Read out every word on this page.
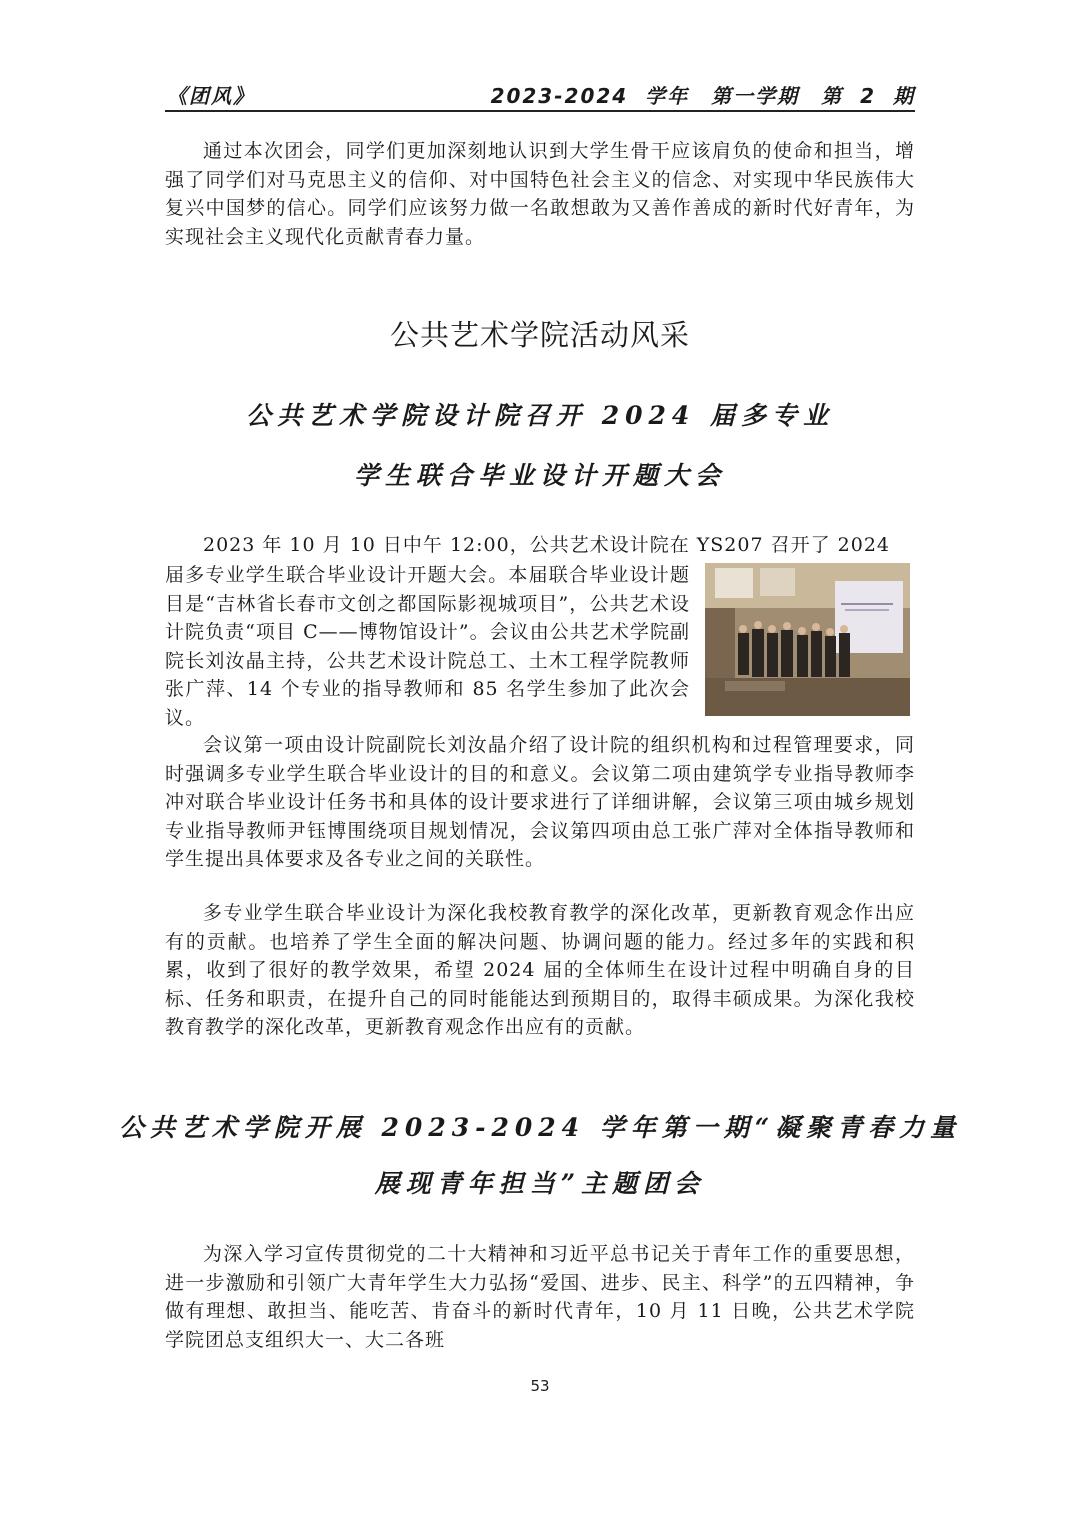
《团风》	2023-2024 学年　第一学期　第 2 期

通过本次团会，同学们更加深刻地认识到大学生骨干应该肩负的使命和担当，增强了同学们对马克思主义的信仰、对中国特色社会主义的信念、对实现中华民族伟大复兴中国梦的信心。同学们应该努力做一名敢想敢为又善作善成的新时代好青年，为实现社会主义现代化贡献青春力量。

公共艺术学院活动风采
公共艺术学院设计院召开 2024 届多专业
学生联合毕业设计开题大会

2023 年 10 月 10 日中午 12:00，公共艺术设计院在 YS207 召开了 2024

届多专业学生联合毕业设计开题大会。本届联合毕业设计题目是“吉林省长春市文创之都国际影视城项目”，公共艺术设计院负责“项目 C——博物馆设计”。会议由公共艺术学院副院长刘汝晶主持，公共艺术设计院总工、土木工程学院教师张广萍、14 个专业的指导教师和 85 名学生参加了此次会议。

会议第一项由设计院副院长刘汝晶介绍了设计院的组织机构和过程管理要求，同时强调多专业学生联合毕业设计的目的和意义。会议第二项由建筑学专业指导教师李冲对联合毕业设计任务书和具体的设计要求进行了详细讲解，会议第三项由城乡规划专业指导教师尹钰博围绕项目规划情况，会议第四项由总工张广萍对全体指导教师和学生提出具体要求及各专业之间的关联性。

多专业学生联合毕业设计为深化我校教育教学的深化改革，更新教育观念作出应有的贡献。也培养了学生全面的解决问题、协调问题的能力。经过多年的实践和积累，收到了很好的教学效果，希望 2024 届的全体师生在设计过程中明确自身的目标、任务和职责，在提升自己的同时能能达到预期目的，取得丰硕成果。为深化我校教育教学的深化改革，更新教育观念作出应有的贡献。

公共艺术学院开展 2023-2024 学年第一期“凝聚青春力量
展现青年担当”主题团会

为深入学习宣传贯彻党的二十大精神和习近平总书记关于青年工作的重要思想，进一步激励和引领广大青年学生大力弘扬“爱国、进步、民主、科学”的五四精神，争做有理想、敢担当、能吃苦、肯奋斗的新时代青年，10 月 11 日晚，公共艺术学院学院团总支组织大一、大二各班

53
